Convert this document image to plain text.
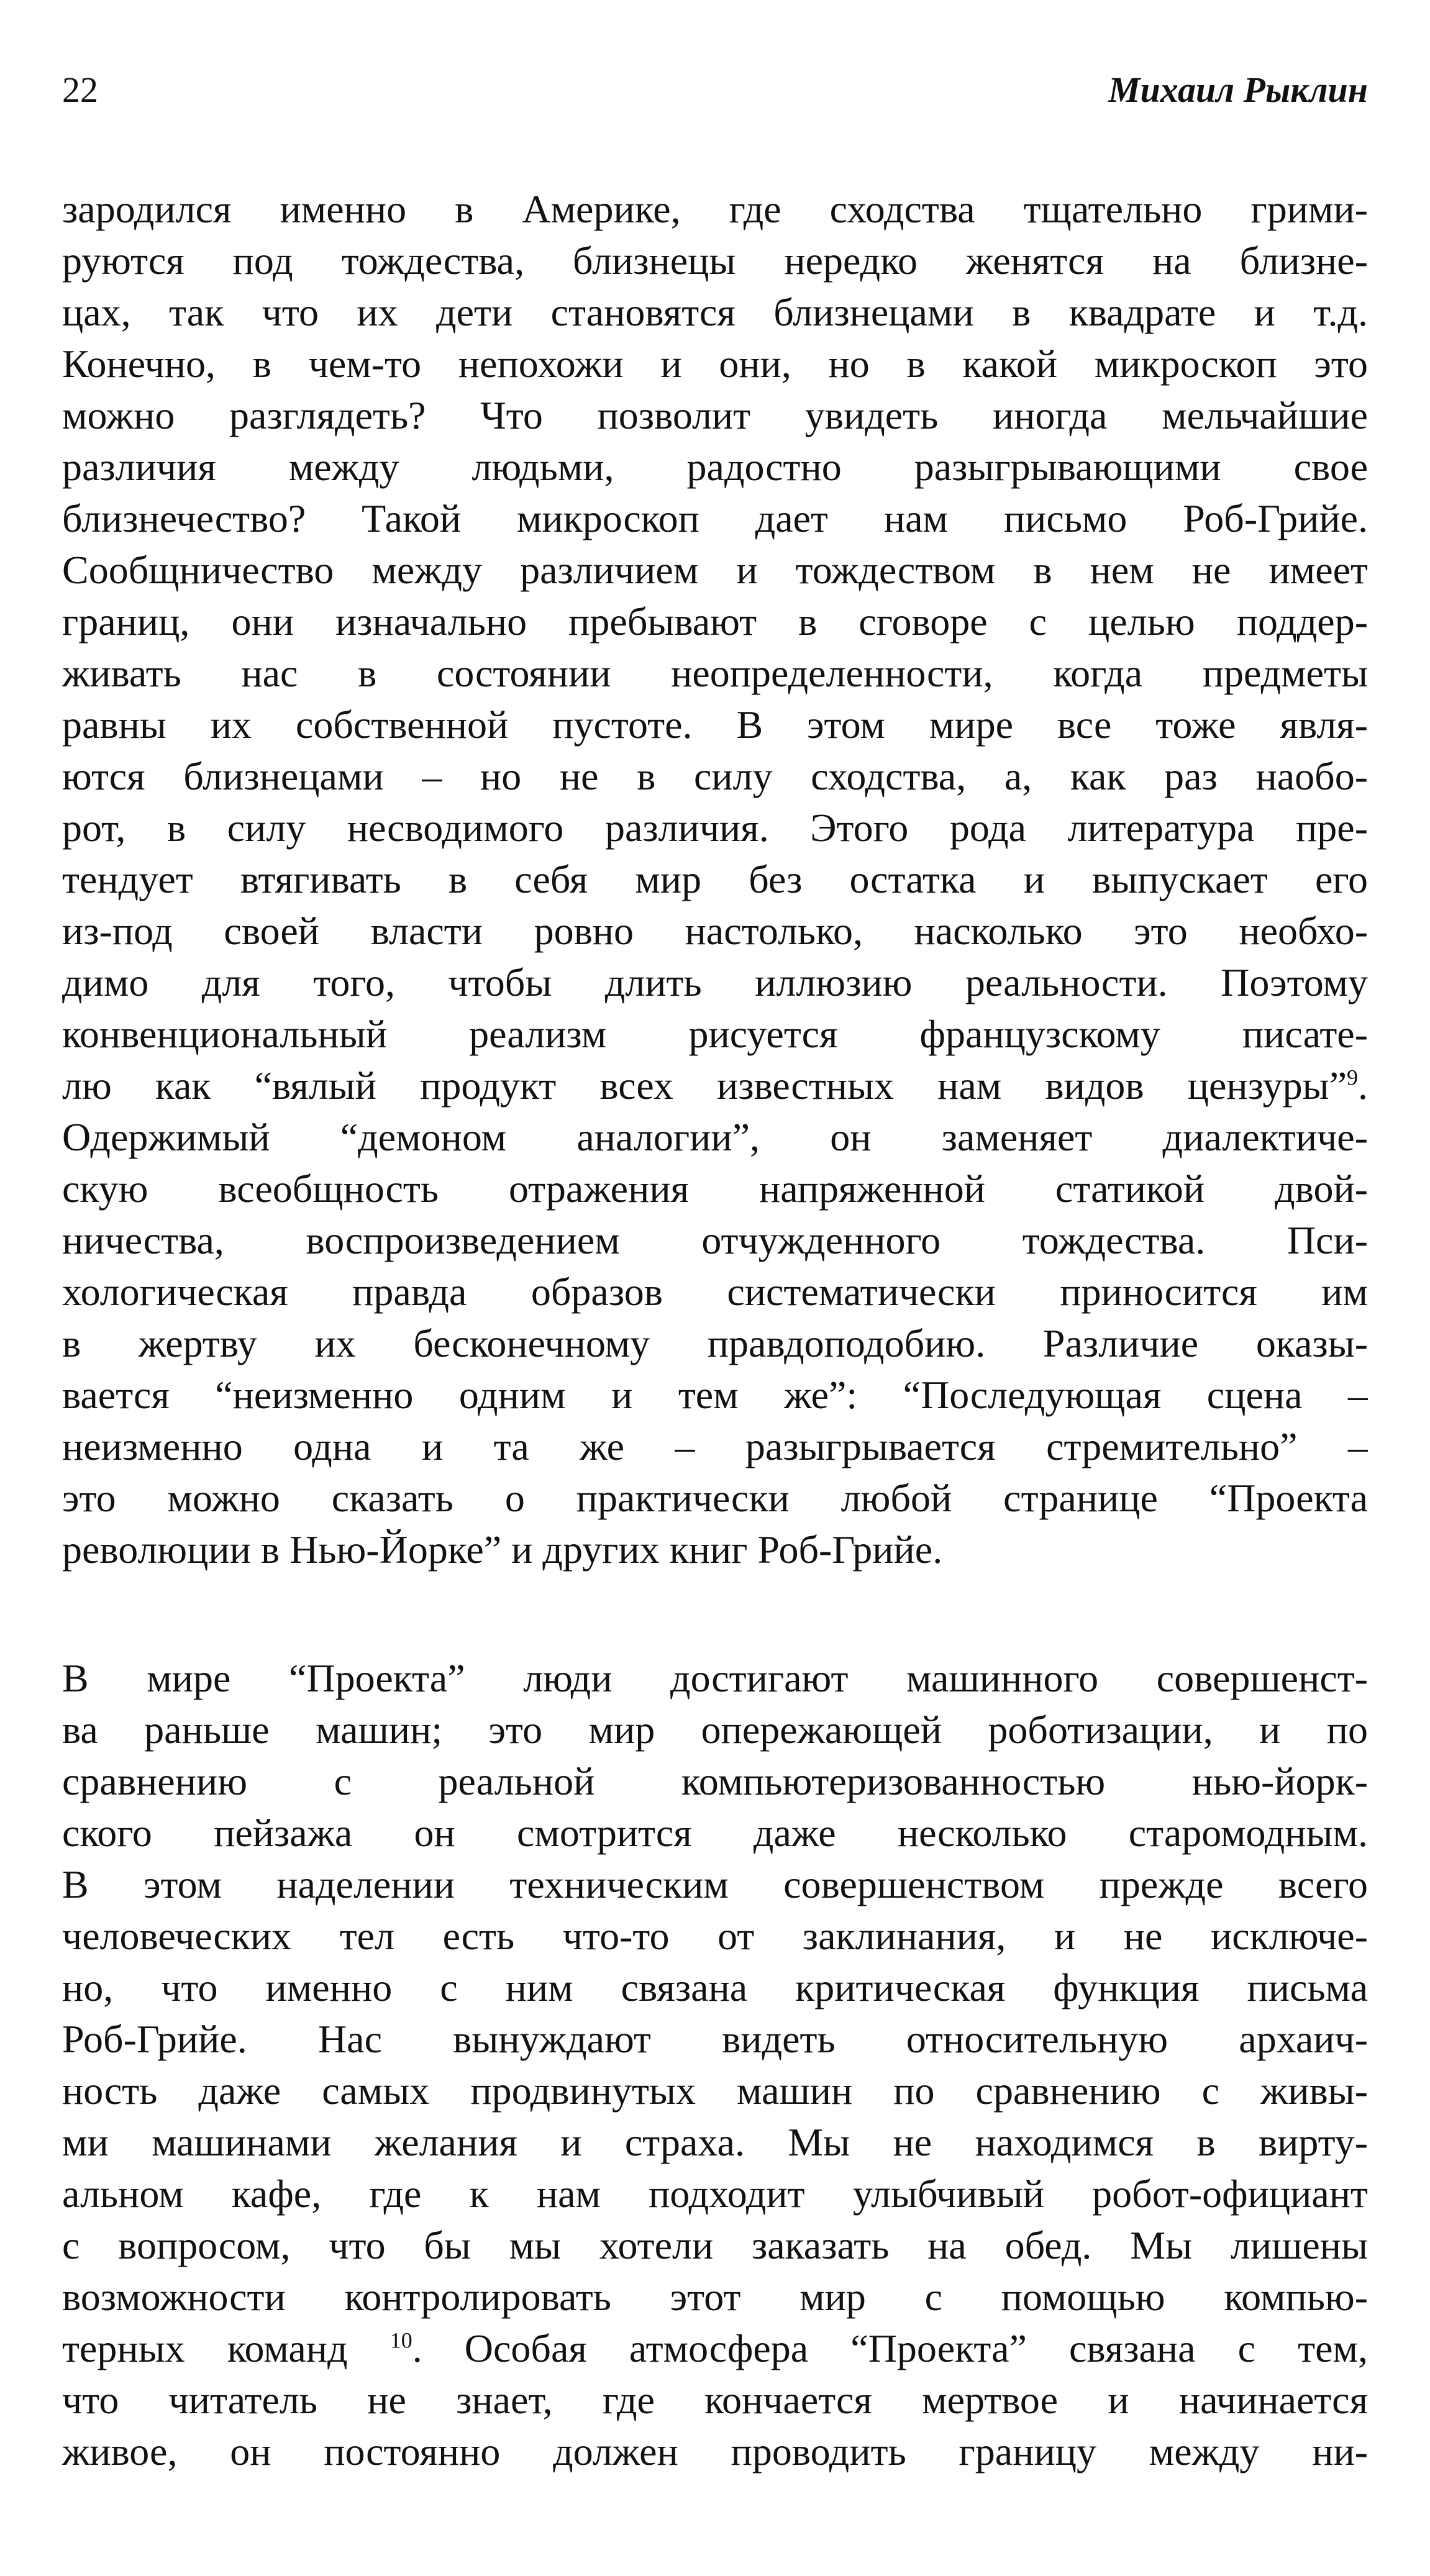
22	Михаил Рыклин
зародился именно в Америке, где сходства тщательно грими-
руются под тождества, близнецы нередко женятся на близне-
цах, так что их дети становятся близнецами в квадрате и т.д.
Конечно, в чем-то непохожи и они, но в какой микроскоп это
можно разглядеть? Что позволит увидеть иногда мельчайшие
различия между людьми, радостно разыгрывающими свое
близнечество? Такой микроскоп дает нам письмо Роб-Грийе.
Сообщничество между различием и тождеством в нем не имеет
границ, они изначально пребывают в сговоре с целью поддер-
живать нас в состоянии неопределенности, когда предметы
равны их собственной пустоте. В этом мире все тоже явля-
ются близнецами – но не в силу сходства, а, как раз наобо-
рот, в силу несводимого различия. Этого рода литература пре-
тендует втягивать в себя мир без остатка и выпускает его
из-под своей власти ровно настолько, насколько это необхо-
димо для того, чтобы длить иллюзию реальности. Поэтому
конвенциональный реализм рисуется французскому писате-
лю как “вялый продукт всех известных нам видов цензуры”$^9$.
Одержимый “демоном аналогии”, он заменяет диалектиче-
скую всеобщность отражения напряженной статикой двой-
ничества, воспроизведением отчужденного тождества. Пси-
хологическая правда образов систематически приносится им
в жертву их бесконечному правдоподобию. Различие оказы-
вается “неизменно одним и тем же”: “Последующая сцена –
неизменно одна и та же – разыгрывается стремительно” –
это можно сказать о практически любой странице “Проекта
революции в Нью-Йорке” и других книг Роб-Грийе.
В мире “Проекта” люди достигают машинного совершенст-
ва раньше машин; это мир опережающей роботизации, и по
сравнению с реальной компьютеризованностью нью-йорк-
ского пейзажа он смотрится даже несколько старомодным.
В этом наделении техническим совершенством прежде всего
человеческих тел есть что-то от заклинания, и не исключе-
но, что именно с ним связана критическая функция письма
Роб-Грийе. Нас вынуждают видеть относительную архаич-
ность даже самых продвинутых машин по сравнению с живы-
ми машинами желания и страха. Мы не находимся в вирту-
альном кафе, где к нам подходит улыбчивый робот-официант
с вопросом, что бы мы хотели заказать на обед. Мы лишены
возможности контролировать этот мир с помощью компью-
терных команд $^{10}$. Особая атмосфера “Проекта” связана с тем,
что читатель не знает, где кончается мертвое и начинается
живое, он постоянно должен проводить границу между ни-
